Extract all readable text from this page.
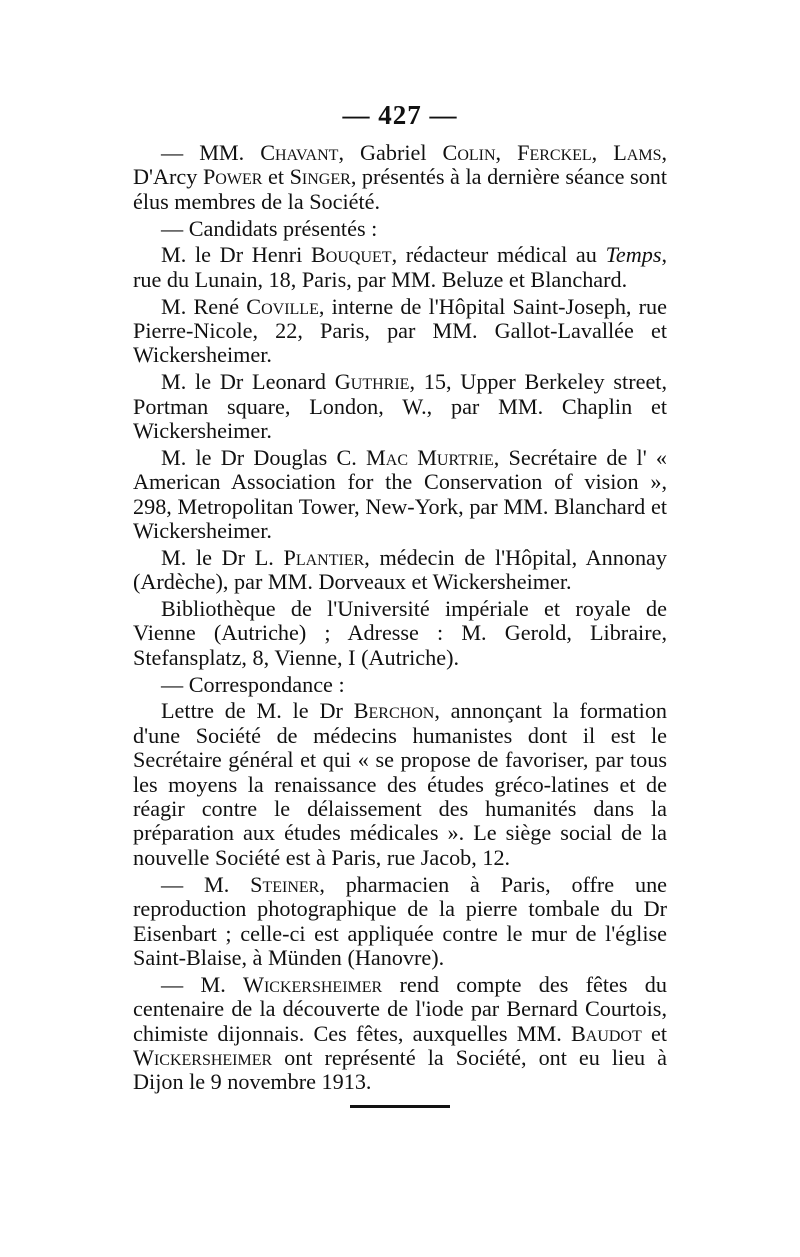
— 427 —

— MM. Chavant, Gabriel Colin, Ferckel, Lams, D'Arcy Power et Singer, présentés à la dernière séance sont élus membres de la Société.

— Candidats présentés :

M. le Dr Henri Bouquet, rédacteur médical au Temps, rue du Lunain, 18, Paris, par MM. Beluze et Blanchard.

M. René Coville, interne de l'Hôpital Saint-Joseph, rue Pierre-Nicole, 22, Paris, par MM. Gallot-Lavallée et Wickersheimer.

M. le Dr Leonard Guthrie, 15, Upper Berkeley street, Portman square, London, W., par MM. Chaplin et Wickersheimer.

M. le Dr Douglas C. Mac Murtrie, Secrétaire de l' « American Association for the Conservation of vision », 298, Metropolitan Tower, New-York, par MM. Blanchard et Wickersheimer.

M. le Dr L. Plantier, médecin de l'Hôpital, Annonay (Ardèche), par MM. Dorveaux et Wickersheimer.

Bibliothèque de l'Université impériale et royale de Vienne (Autriche) ; Adresse : M. Gerold, Libraire, Stefansplatz, 8, Vienne, I (Autriche).

— Correspondance :

Lettre de M. le Dr Berchon, annonçant la formation d'une Société de médecins humanistes dont il est le Secrétaire général et qui « se propose de favoriser, par tous les moyens la renaissance des études gréco-latines et de réagir contre le délaissement des humanités dans la préparation aux études médicales ». Le siège social de la nouvelle Société est à Paris, rue Jacob, 12.

— M. Steiner, pharmacien à Paris, offre une reproduction photographique de la pierre tombale du Dr Eisenbart ; celle-ci est appliquée contre le mur de l'église Saint-Blaise, à Münden (Hanovre).

— M. Wickersheimer rend compte des fêtes du centenaire de la découverte de l'iode par Bernard Courtois, chimiste dijonnais. Ces fêtes, auxquelles MM. Baudot et Wickersheimer ont représenté la Société, ont eu lieu à Dijon le 9 novembre 1913.
